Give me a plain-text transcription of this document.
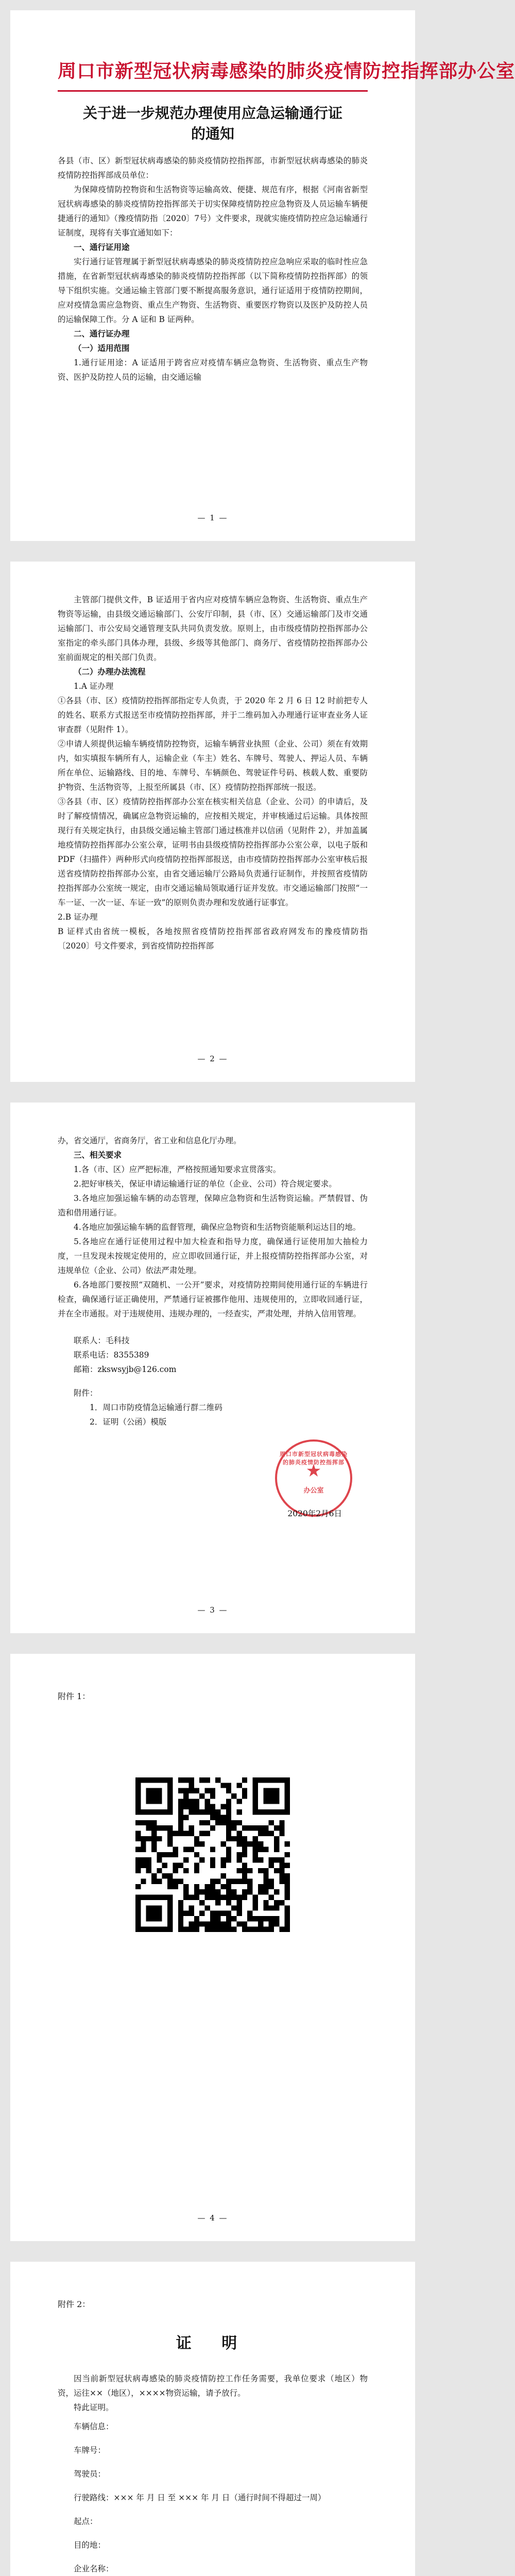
周口市新型冠状病毒感染的肺炎疫情防控指挥部办公室
关于进一步规范办理使用应急运输通行证
的通知

各县（市、区）新型冠状病毒感染的肺炎疫情防控指挥部，市新型冠状病毒感染的肺炎疫情防控指挥部成员单位：

为保障疫情防控物资和生活物资等运输高效、便捷、规范有序，根据《河南省新型冠状病毒感染的肺炎疫情防控指挥部关于切实保障疫情防控应急物资及人员运输车辆便捷通行的通知》（豫疫情防指〔2020〕7号）文件要求，现就实施疫情防控应急运输通行证制度，现将有关事宜通知如下：

一、通行证用途

实行通行证管理属于新型冠状病毒感染的肺炎疫情防控应急响应采取的临时性应急措施，在省新型冠状病毒感染的肺炎疫情防控指挥部（以下简称疫情防控指挥部）的领导下组织实施。交通运输主管部门要不断提高服务意识，通行证适用于疫情防控期间，应对疫情急需应急物资、重点生产物资、生活物资、重要医疗物资以及医护及防控人员的运输保障工作。分 A 证和 B 证两种。

二、通行证办理

（一）适用范围

1.通行证用途：A 证适用于跨省应对疫情车辆应急物资、生活物资、重点生产物资、医护及防控人员的运输，由交通运输

— 1 —

主管部门提供文件，B 证适用于省内应对疫情车辆应急物资、生活物资、重点生产物资等运输，由县级交通运输部门、公安厅印制，县（市、区）交通运输部门及市交通运输部门、市公安局交通管理支队共同负责发放。原则上，由市级疫情防控指挥部办公室指定的牵头部门具体办理，县级、乡级等其他部门、商务厅、省疫情防控指挥部办公室前面规定的相关部门负责。

（二）办理办法流程

1.A 证办理
①各县（市、区）疫情防控指挥部指定专人负责，于 2020 年 2 月 6 日 12 时前把专人的姓名、联系方式报送至市疫情防控指挥部，并于二维码加入办理通行证审查业务人证审查群（见附件 1）。
②申请人须提供运输车辆疫情防控物资，运输车辆营业执照（企业、公司）须在有效期内，如实填报车辆所有人，运输企业（车主）姓名、车牌号、驾驶人、押运人员、车辆所在单位、运输路线、目的地、车牌号、车辆颜色、驾驶证件号码、核载人数、重要防护物资、生活物资等，上报至所属县（市、区）疫情防控指挥部统一报送。
③各县（市、区）疫情防控指挥部办公室在核实相关信息（企业、公司）的申请后，及时了解疫情情况，确属应急物资运输的，应按相关规定，并审核通过后运输。具体按照现行有关规定执行，由县级交通运输主管部门通过核准并以信函（见附件 2），并加盖属地疫情防控指挥部办公室公章，证明书由县级疫情防控指挥部办公室公章，以电子版和 PDF（扫描件）两种形式向疫情防控指挥部报送，由市疫情防控指挥部办公室审核后报送省疫情防控指挥部办公室，由省交通运输厅公路局负责通行证制作，并按照省疫情防控指挥部办公室统一规定，由市交通运输局领取通行证并发放。市交通运输部门按照“一车一证、一次一证、车证一致”的原则负责办理和发放通行证事宜。
2.B 证办理
B 证样式由省统一模板，各地按照省疫情防控指挥部省政府网发布的豫疫情防指〔2020〕号文件要求，到省疫情防控指挥部

— 2 —

办，省交通厅，省商务厅，省工业和信息化厅办理。

三、相关要求

1.各（市、区）应严把标准，严格按照通知要求宣贯落实。

2.把好审核关，保证申请运输通行证的单位（企业、公司）符合规定要求。

3.各地应加强运输车辆的动态管理，保障应急物资和生活物资运输。严禁假冒、伪造和借用通行证。

4.各地应加强运输车辆的监督管理，确保应急物资和生活物资能顺利运达目的地。

5.各地应在通行证使用过程中加大检查和指导力度，确保通行证使用加大抽检力度，一旦发现未按规定使用的，应立即收回通行证，并上报疫情防控指挥部办公室，对违规单位（企业、公司）依法严肃处理。

6.各地部门要按照“双随机、一公开”要求，对疫情防控期间使用通行证的车辆进行检查，确保通行证正确使用，严禁通行证被挪作他用、违规使用的，立即收回通行证，并在全市通报。对于违规使用、违规办理的，一经查实，严肃处理，并纳入信用管理。

联系人：毛科技

联系电话：8355389

邮箱：zkswsyjb@126.com

附件：

1．周口市防疫情急运输通行群二维码

2．证明（公函）模版

周口市新型冠状病毒感染的肺炎疫情防控指挥部
★
办公室

2020年2月6日

— 3 —
附件 1：
— 4 —
附件 2：
证 明

因当前新型冠状病毒感染的肺炎疫情防控工作任务需要，我单位要求（地区）物资，运往××（地区），××××物资运输，请予放行。

特此证明。

车辆信息：
车牌号：
驾驶员：
行驶路线：××× 年 月 日 至 ××× 年 月 日（通行时间不得超过一周）
起点：
目的地：
企业名称：
